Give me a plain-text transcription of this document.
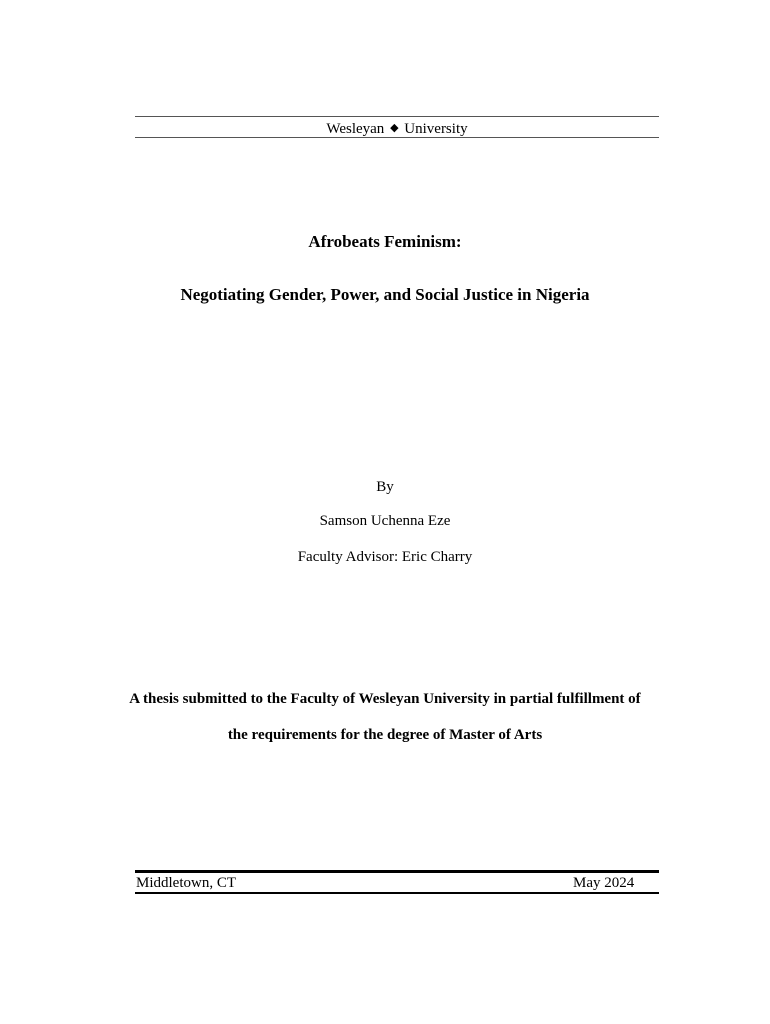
Wesleyan ◆ University
Afrobeats Feminism:
Negotiating Gender, Power, and Social Justice in Nigeria
By
Samson Uchenna Eze
Faculty Advisor: Eric Charry
A thesis submitted to the Faculty of Wesleyan University in partial fulfillment of
the requirements for the degree of Master of Arts
Middletown, CT	May 2024
